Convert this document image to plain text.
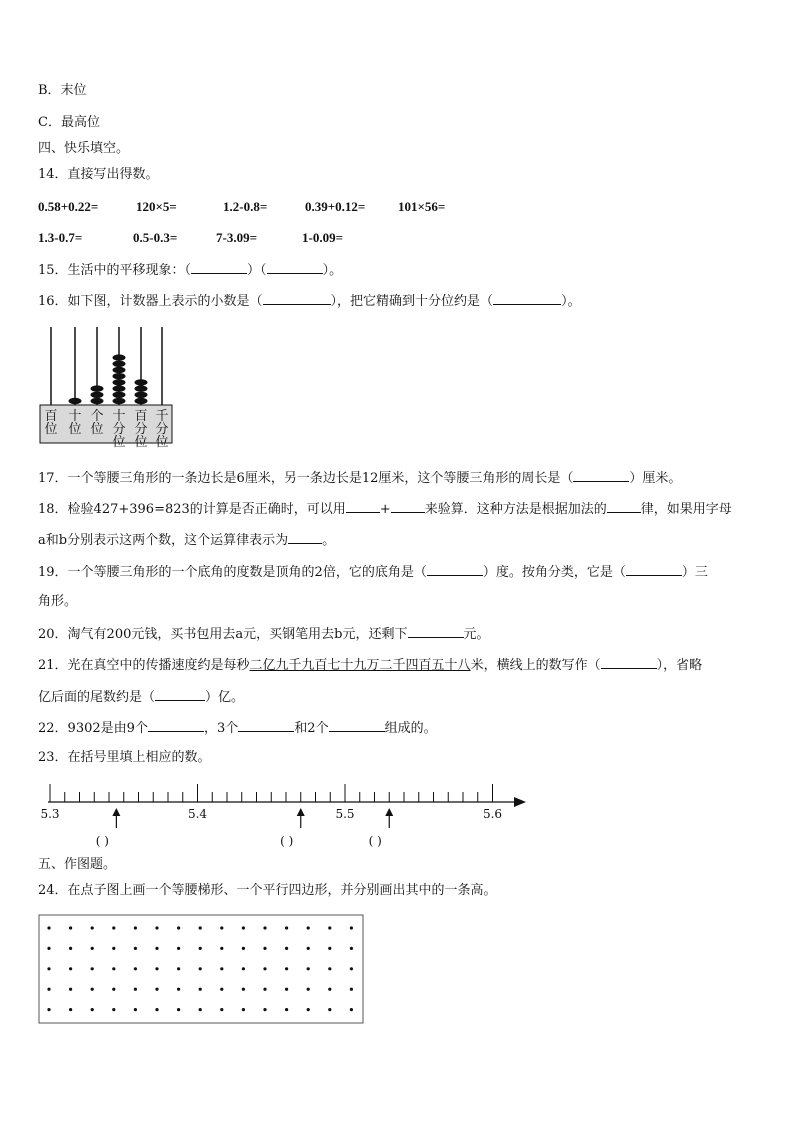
B．末位
C．最高位
四、快乐填空。
14．直接写出得数。
0.58+0.22=	120×5=	1.2-0.8=	0.39+0.12=	101×56=
1.3-0.7=	0.5-0.3=	7-3.09=	1-0.09=
15．生活中的平移现象：（	）（	）。
16．如下图，计数器上表示的小数是（	），把它精确到十分位约是（	）。
百位
十位
个位
十分位
百分位
千分位
17．一个等腰三角形的一条边长是6厘米，另一条边长是12厘米，这个等腰三角形的周长是（	）厘米。
18．检验427+396=823的计算是否正确时，可以用	+	来验算．这种方法是根据加法的	律，如果用字母
a和b分别表示这两个数，这个运算律表示为	。
19．一个等腰三角形的一个底角的度数是顶角的2倍，它的底角是（	）度。按角分类，它是（	）三
角形。
20．淘气有200元钱，买书包用去a元，买钢笔用去b元，还剩下	元。
21．光在真空中的传播速度约是每秒二亿九千九百七十九万二千四百五十八米，横线上的数写作（	），省略
亿后面的尾数约是（	）亿。
22．9302是由9个	，3个	和2个	组成的。
23．在括号里填上相应的数。
5.3	5.4	5.5	5.6
( )	( )	( )
五、作图题。
24．在点子图上画一个等腰梯形、一个平行四边形，并分别画出其中的一条高。
